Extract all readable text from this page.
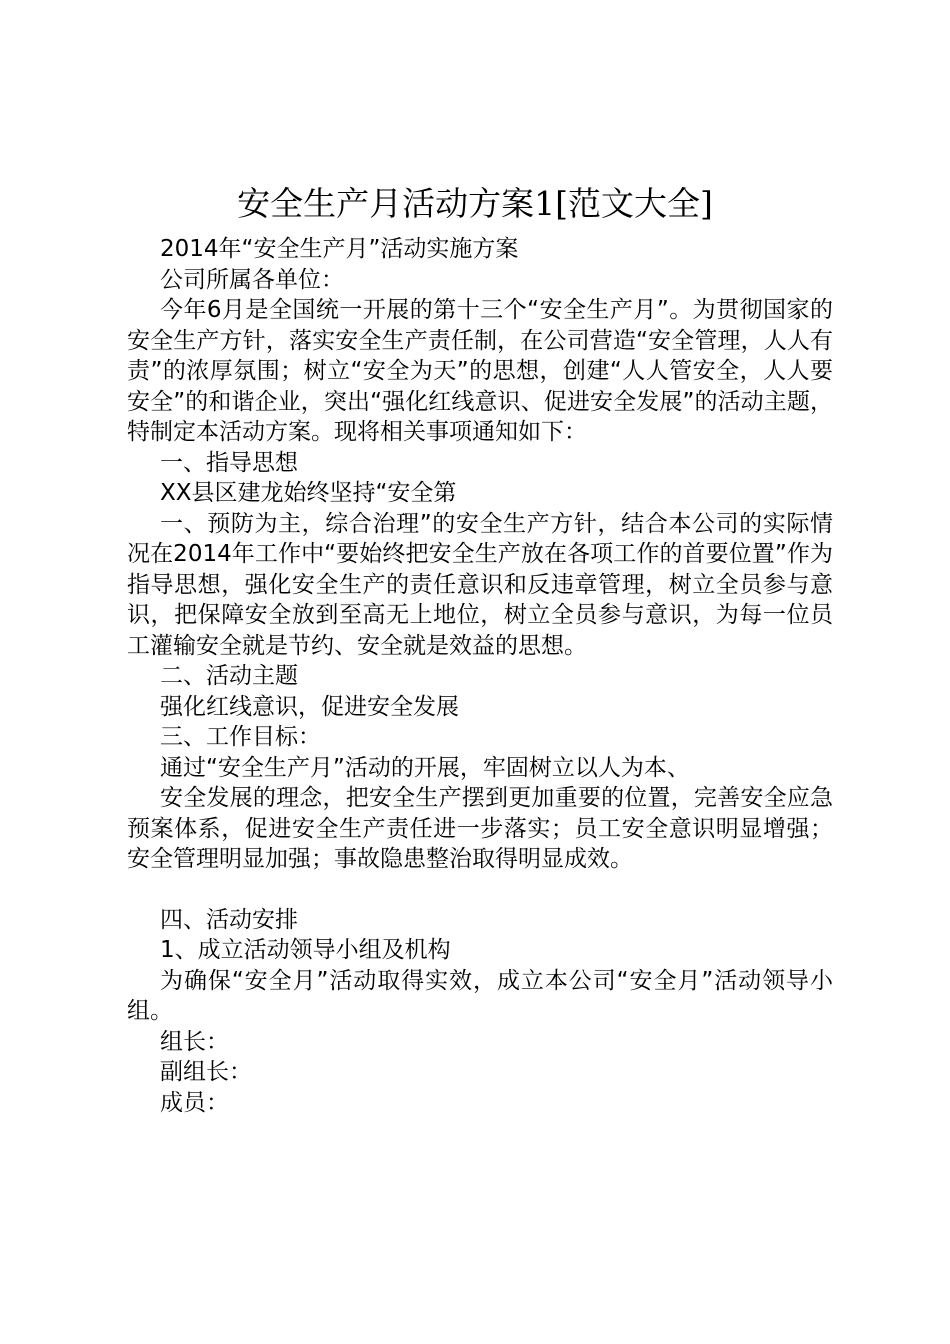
安全生产月活动方案1[范文大全]

2014年“安全生产月”活动实施方案

公司所属各单位：

今年6月是全国统一开展的第十三个“安全生产月”。为贯彻国家的安全生产方针，落实安全生产责任制，在公司营造“安全管理，人人有责”的浓厚氛围；树立“安全为天”的思想，创建“人人管安全，人人要安全”的和谐企业，突出“强化红线意识、促进安全发展”的活动主题，特制定本活动方案。现将相关事项通知如下：

一、指导思想

XX县区建龙始终坚持“安全第

一、预防为主，综合治理”的安全生产方针，结合本公司的实际情况在2014年工作中“要始终把安全生产放在各项工作的首要位置”作为指导思想，强化安全生产的责任意识和反违章管理，树立全员参与意识，把保障安全放到至高无上地位，树立全员参与意识，为每一位员工灌输安全就是节约、安全就是效益的思想。

二、活动主题

强化红线意识，促进安全发展

三、工作目标：

通过“安全生产月”活动的开展，牢固树立以人为本、

安全发展的理念，把安全生产摆到更加重要的位置，完善安全应急预案体系，促进安全生产责任进一步落实；员工安全意识明显增强；安全管理明显加强；事故隐患整治取得明显成效。

四、活动安排

1、成立活动领导小组及机构

为确保“安全月”活动取得实效，成立本公司“安全月”活动领导小组。

组长：

副组长：

成员：
